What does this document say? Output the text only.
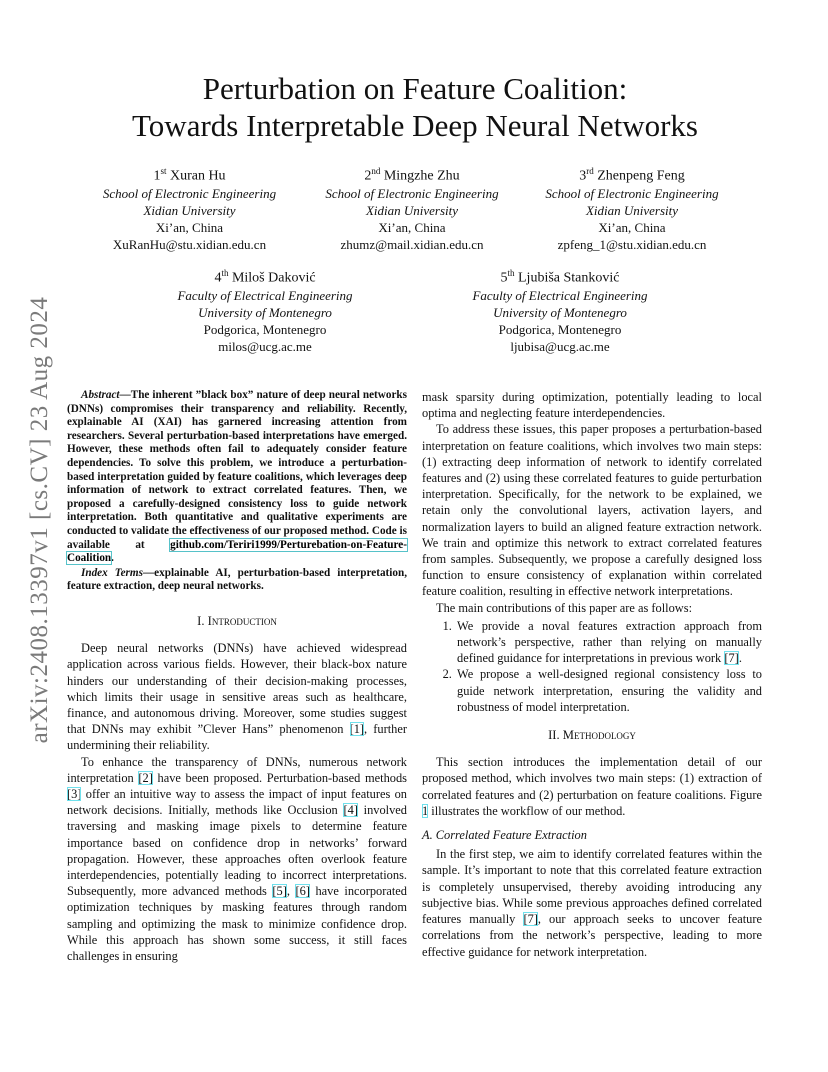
arXiv:2408.13397v1 [cs.CV] 23 Aug 2024
Perturbation on Feature Coalition:
Towards Interpretable Deep Neural Networks
1st Xuran Hu
School of Electronic Engineering
Xidian University
Xi’an, China
XuRanHu@stu.xidian.edu.cn
2nd Mingzhe Zhu
School of Electronic Engineering
Xidian University
Xi’an, China
zhumz@mail.xidian.edu.cn
3rd Zhenpeng Feng
School of Electronic Engineering
Xidian University
Xi’an, China
zpfeng_1@stu.xidian.edu.cn
4th Miloš Daković
Faculty of Electrical Engineering
University of Montenegro
Podgorica, Montenegro
milos@ucg.ac.me
5th Ljubiša Stanković
Faculty of Electrical Engineering
University of Montenegro
Podgorica, Montenegro
ljubisa@ucg.ac.me

Abstract—The inherent ”black box” nature of deep neural networks (DNNs) compromises their transparency and reliability. Recently, explainable AI (XAI) has garnered increasing attention from researchers. Several perturbation-based interpretations have emerged. However, these methods often fail to adequately consider feature dependencies. To solve this problem, we introduce a perturbation-based interpretation guided by feature coalitions, which leverages deep information of network to extract correlated features. Then, we proposed a carefully-designed consistency loss to guide network interpretation. Both quantitative and qualitative experiments are conducted to validate the effectiveness of our proposed method. Code is available at github.com/Teriri1999/Perturebation-on-Feature-Coalition.

Index Terms—explainable AI, perturbation-based interpretation, feature extraction, deep neural networks.

I. Introduction

Deep neural networks (DNNs) have achieved widespread application across various fields. However, their black-box nature hinders our understanding of their decision-making processes, which limits their usage in sensitive areas such as healthcare, finance, and autonomous driving. Moreover, some studies suggest that DNNs may exhibit ”Clever Hans” phenomenon [1], further undermining their reliability.

To enhance the transparency of DNNs, numerous network interpretation [2] have been proposed. Perturbation-based methods [3] offer an intuitive way to assess the impact of input features on network decisions. Initially, methods like Occlusion [4] involved traversing and masking image pixels to determine feature importance based on confidence drop in networks’ forward propagation. However, these approaches often overlook feature interdependencies, potentially leading to incorrect interpretations. Subsequently, more advanced methods [5], [6] have incorporated optimization techniques by masking features through random sampling and optimizing the mask to minimize confidence drop. While this approach has shown some success, it still faces challenges in ensuring

mask sparsity during optimization, potentially leading to local optima and neglecting feature interdependencies.

To address these issues, this paper proposes a perturbation-based interpretation on feature coalitions, which involves two main steps: (1) extracting deep information of network to identify correlated features and (2) using these correlated features to guide perturbation interpretation. Specifically, for the network to be explained, we retain only the convolutional layers, activation layers, and normalization layers to build an aligned feature extraction network. We train and optimize this network to extract correlated features from samples. Subsequently, we propose a carefully designed loss function to ensure consistency of explanation within correlated feature coalition, resulting in effective network interpretations.

The main contributions of this paper are as follows:

1. We provide a noval features extraction approach from network’s perspective, rather than relying on manually defined guidance for interpretations in previous work [7].
2. We propose a well-designed regional consistency loss to guide network interpretation, ensuring the validity and robustness of model interpretation.
II. Methodology

This section introduces the implementation detail of our proposed method, which involves two main steps: (1) extraction of correlated features and (2) perturbation on feature coalitions. Figure 1 illustrates the workflow of our method.

A. Correlated Feature Extraction

In the first step, we aim to identify correlated features within the sample. It’s important to note that this correlated feature extraction is completely unsupervised, thereby avoiding introducing any subjective bias. While some previous approaches defined correlated features manually [7], our approach seeks to uncover feature correlations from the network’s perspective, leading to more effective guidance for network interpretation.
